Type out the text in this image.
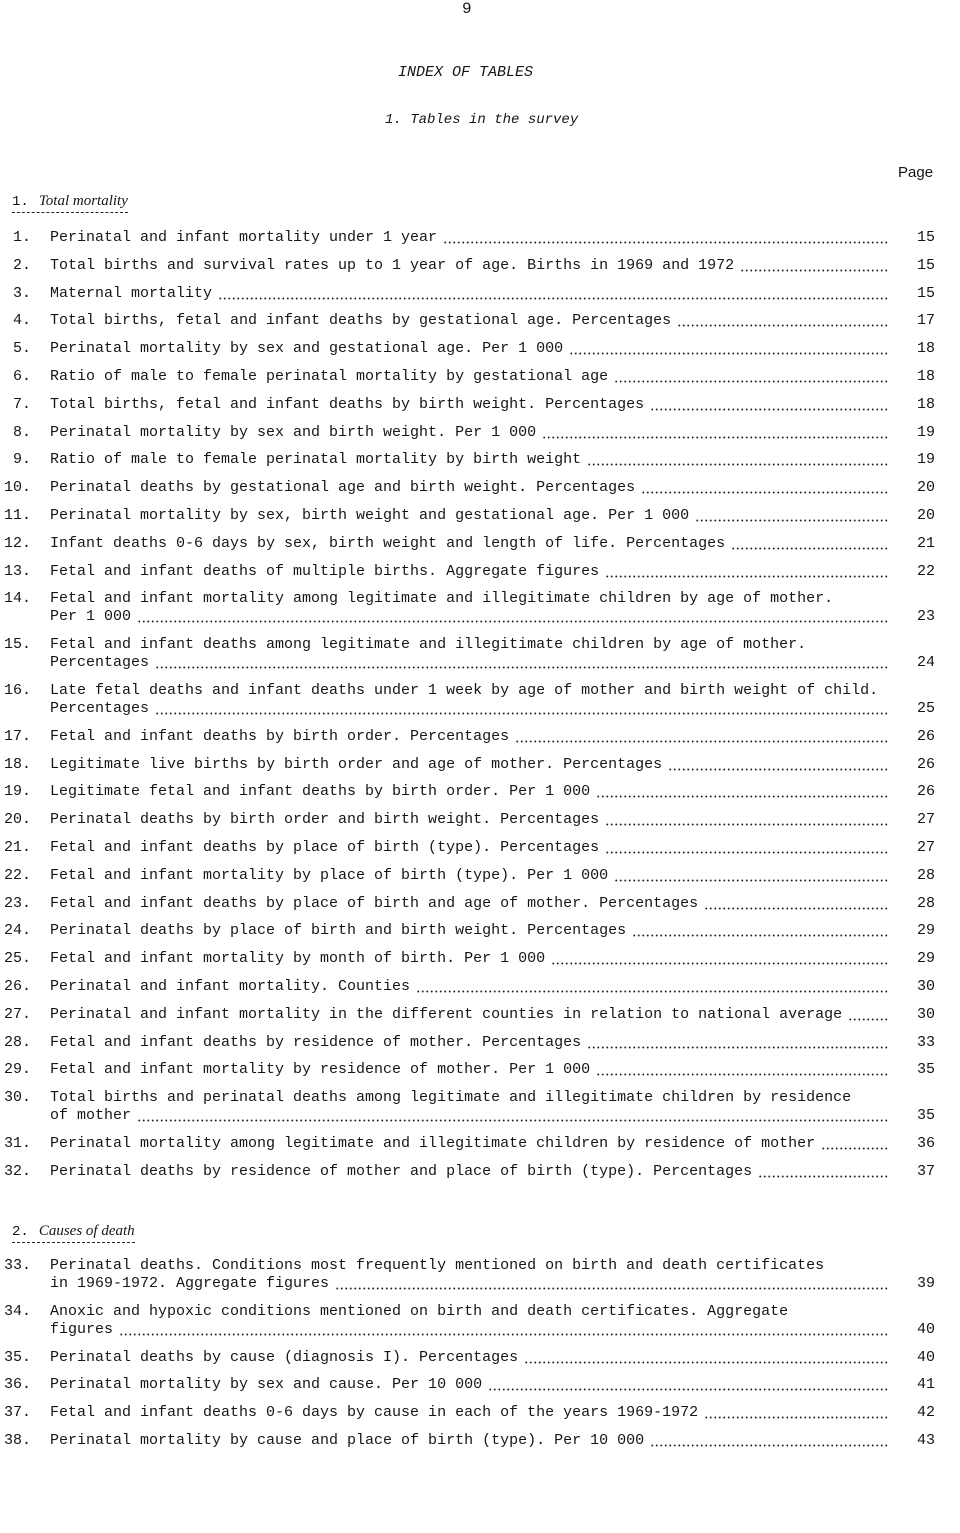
9
INDEX OF TABLES
1. Tables in the survey
Page
1. Total mortality
1. Perinatal and infant mortality under 1 year	15
2. Total births and survival rates up to 1 year of age. Births in 1969 and 1972	15
3. Maternal mortality	15
4. Total births, fetal and infant deaths by gestational age. Percentages	17
5. Perinatal mortality by sex and gestational age. Per 1 000	18
6. Ratio of male to female perinatal mortality by gestational age	18
7. Total births, fetal and infant deaths by birth weight. Percentages	18
8. Perinatal mortality by sex and birth weight. Per 1 000	19
9. Ratio of male to female perinatal mortality by birth weight	19
10. Perinatal deaths by gestational age and birth weight. Percentages	20
11. Perinatal mortality by sex, birth weight and gestational age. Per 1 000	20
12. Infant deaths 0-6 days by sex, birth weight and length of life. Percentages	21
13. Fetal and infant deaths of multiple births. Aggregate figures	22
14. Fetal and infant mortality among legitimate and illegitimate children by age of mother.
Per 1 000	23
15. Fetal and infant deaths among legitimate and illegitimate children by age of mother.
Percentages	24
16. Late fetal deaths and infant deaths under 1 week by age of mother and birth weight of child.
Percentages	25
17. Fetal and infant deaths by birth order. Percentages	26
18. Legitimate live births by birth order and age of mother. Percentages	26
19. Legitimate fetal and infant deaths by birth order. Per 1 000	26
20. Perinatal deaths by birth order and birth weight. Percentages	27
21. Fetal and infant deaths by place of birth (type). Percentages	27
22. Fetal and infant mortality by place of birth (type). Per 1 000	28
23. Fetal and infant deaths by place of birth and age of mother. Percentages	28
24. Perinatal deaths by place of birth and birth weight. Percentages	29
25. Fetal and infant mortality by month of birth. Per 1 000	29
26. Perinatal and infant mortality. Counties	30
27. Perinatal and infant mortality in the different counties in relation to national average	30
28. Fetal and infant deaths by residence of mother. Percentages	33
29. Fetal and infant mortality by residence of mother. Per 1 000	35
30. Total births and perinatal deaths among legitimate and illegitimate children by residence
of mother	35
31. Perinatal mortality among legitimate and illegitimate children by residence of mother	36
32. Perinatal deaths by residence of mother and place of birth (type). Percentages	37
2. Causes of death
33. Perinatal deaths. Conditions most frequently mentioned on birth and death certificates
in 1969-1972. Aggregate figures	39
34. Anoxic and hypoxic conditions mentioned on birth and death certificates. Aggregate
figures	40
35. Perinatal deaths by cause (diagnosis I). Percentages	40
36. Perinatal mortality by sex and cause. Per 10 000	41
37. Fetal and infant deaths 0-6 days by cause in each of the years 1969-1972	42
38. Perinatal mortality by cause and place of birth (type). Per 10 000	43
